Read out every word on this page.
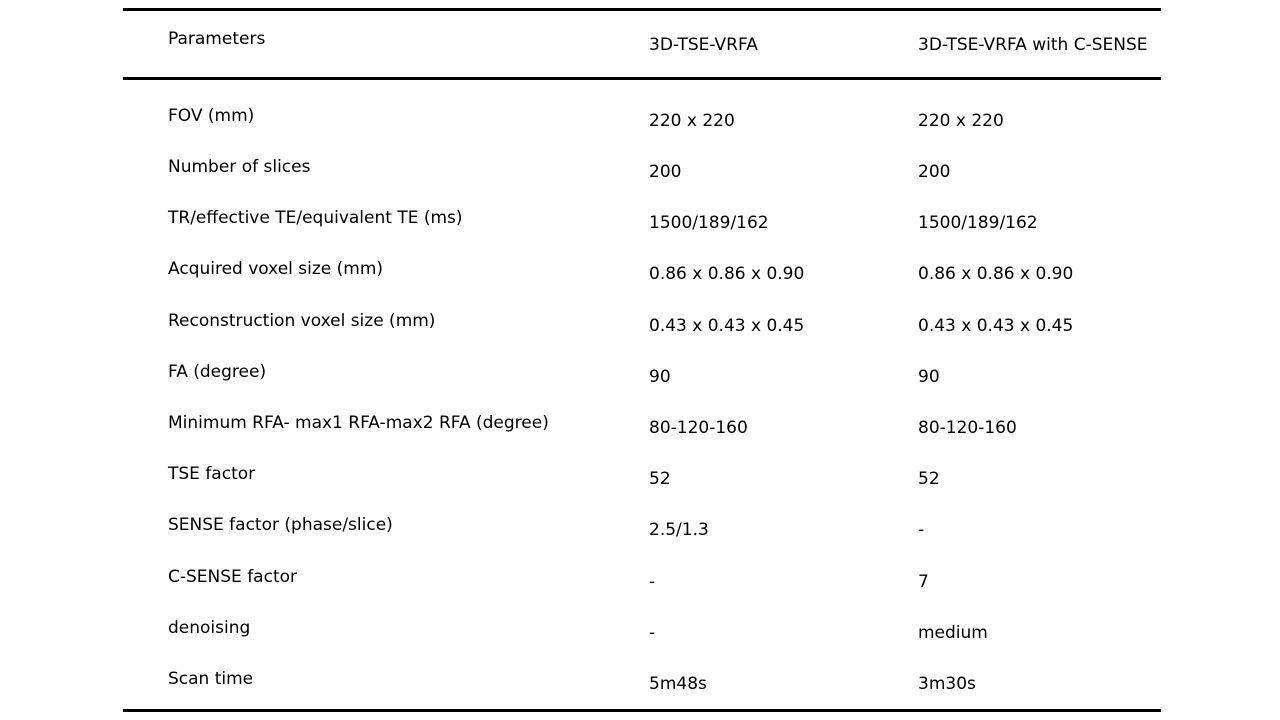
Parameters	3D-TSE-VRFA	3D-TSE-VRFA with C-SENSE
FOV (mm)	220 x 220	220 x 220
Number of slices	200	200
TR/effective TE/equivalent TE (ms)	1500/189/162	1500/189/162
Acquired voxel size (mm)	0.86 x 0.86 x 0.90	0.86 x 0.86 x 0.90
Reconstruction voxel size (mm)	0.43 x 0.43 x 0.45	0.43 x 0.43 x 0.45
FA (degree)	90	90
Minimum RFA- max1 RFA-max2 RFA (degree)	80-120-160	80-120-160
TSE factor	52	52
SENSE factor (phase/slice)	2.5/1.3	-
C-SENSE factor	-	7
denoising	-	medium
Scan time	5m48s	3m30s
